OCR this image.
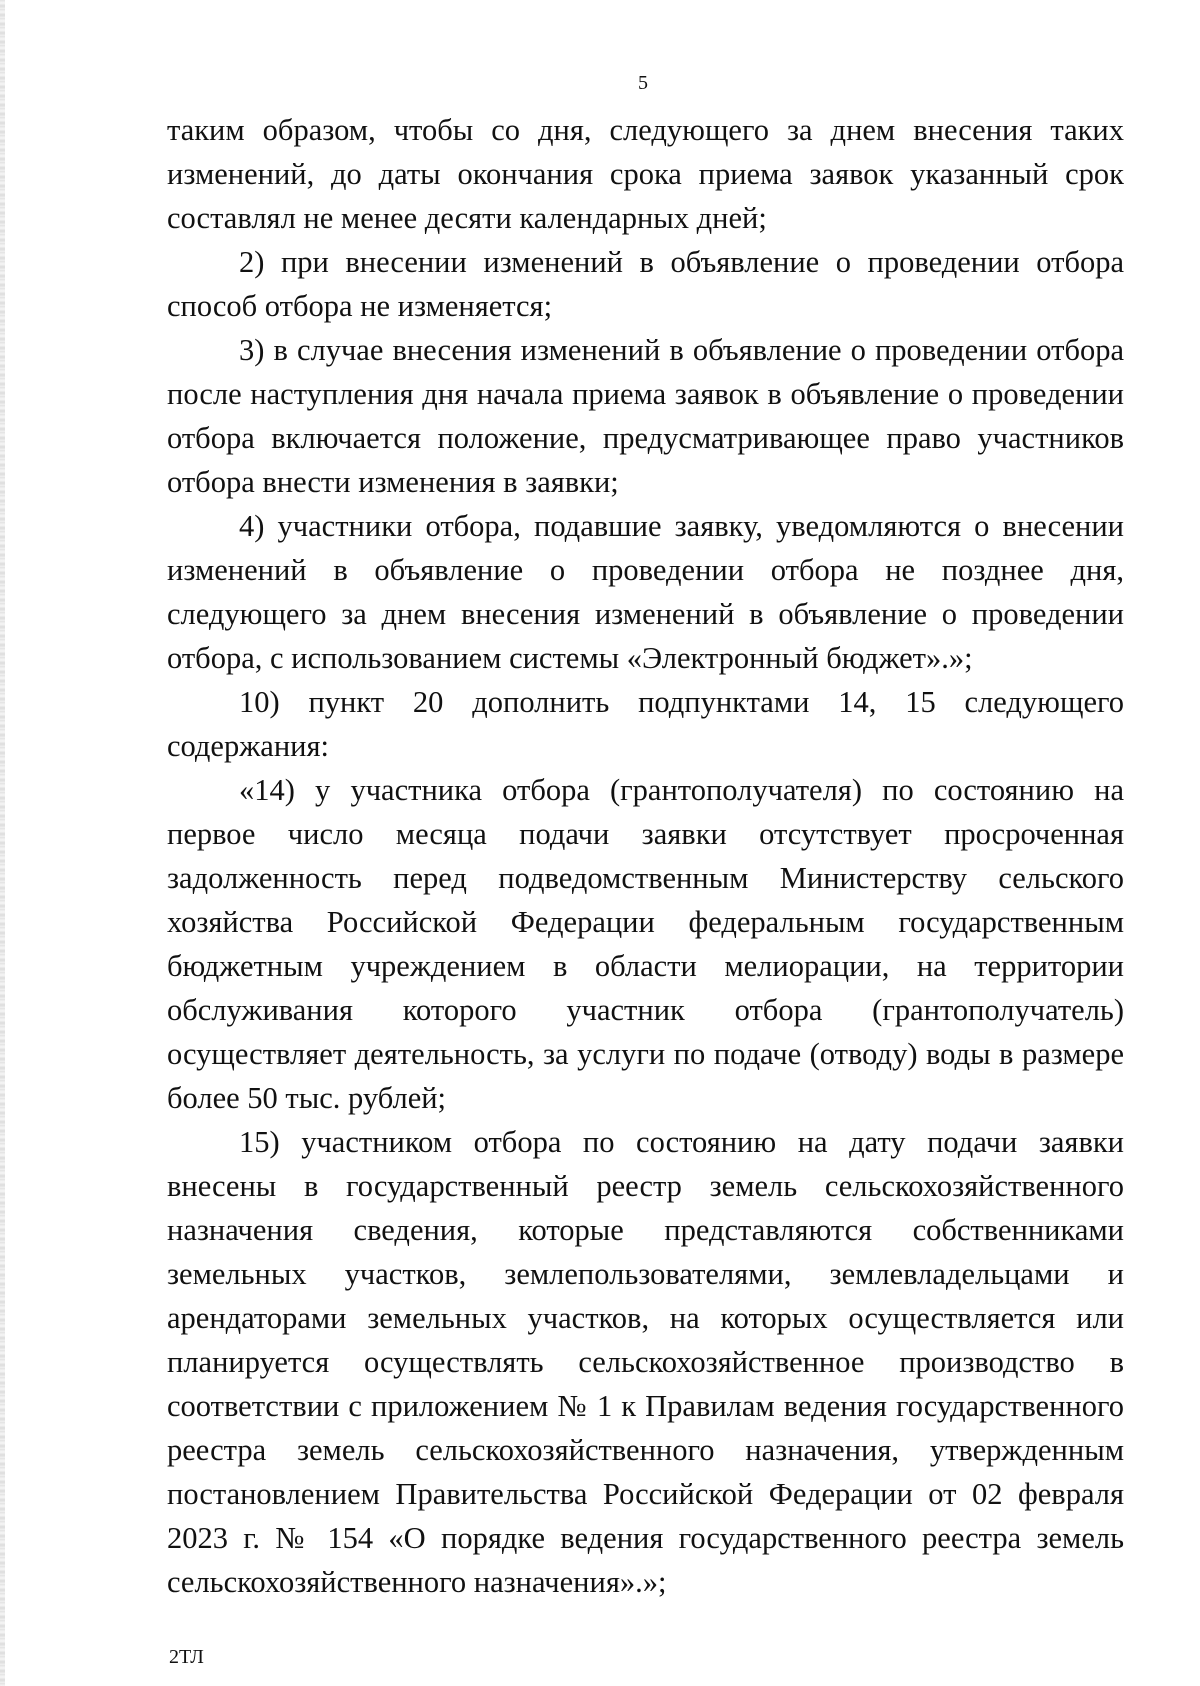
5

таким образом, чтобы со дня, следующего за днем внесения таких изменений, до даты окончания срока приема заявок указанный срок составлял не менее десяти календарных дней;

2) при внесении изменений в объявление о проведении отбора способ отбора не изменяется;

3) в случае внесения изменений в объявление о проведении отбора после наступления дня начала приема заявок в объявление о проведении отбора включается положение, предусматривающее право участников отбора внести изменения в заявки;

4) участники отбора, подавшие заявку, уведомляются о внесении изменений в объявление о проведении отбора не позднее дня, следующего за днем внесения изменений в объявление о проведении отбора, с использованием системы «Электронный бюджет».»;

10) пункт 20 дополнить подпунктами 14, 15 следующего содержания:

«14) у участника отбора (грантополучателя) по состоянию на первое число месяца подачи заявки отсутствует просроченная задолженность перед подведомственным Министерству сельского хозяйства Российской Федерации федеральным государственным бюджетным учреждением в области мелиорации, на территории обслуживания которого участник отбора (грантополучатель) осуществляет деятельность, за услуги по подаче (отводу) воды в размере более 50 тыс. рублей;

15) участником отбора по состоянию на дату подачи заявки внесены в государственный реестр земель сельскохозяйственного назначения сведения, которые представляются собственниками земельных участков, землепользователями, землевладельцами и арендаторами земельных участков, на которых осуществляется или планируется осуществлять сельскохозяйственное производство в соответствии с приложением № 1 к Правилам ведения государственного реестра земель сельскохозяйственного назначения, утвержденным постановлением Правительства Российской Федерации от 02 февраля 2023 г. № 154 «О порядке ведения государственного реестра земель сельскохозяйственного назначения».»;

2ТЛ
